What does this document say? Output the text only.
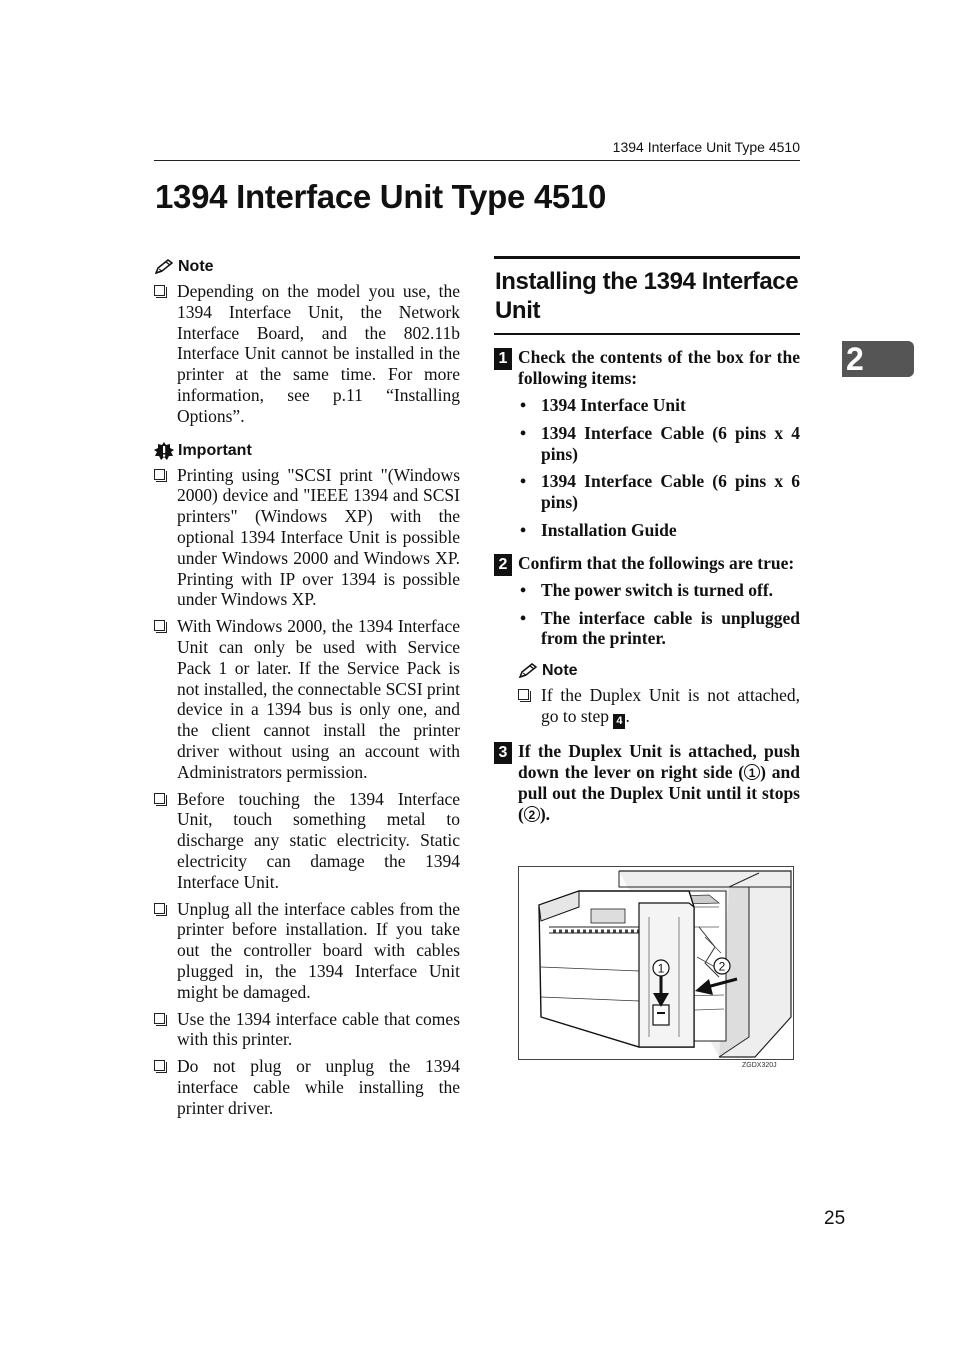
1394 Interface Unit Type 4510
1394 Interface Unit Type 4510
2
Note
Depending on the model you use, the 1394 Interface Unit, the Network Interface Board, and the 802.11b Interface Unit cannot be installed in the printer at the same time. For more information, see p.11 “Installing Options”.
Important
Printing using "SCSI print "(Windows 2000) device and "IEEE 1394 and SCSI printers" (Windows XP) with the optional 1394 Interface Unit is possible under Windows 2000 and Windows XP. Printing with IP over 1394 is possible under Windows XP.
With Windows 2000, the 1394 Interface Unit can only be used with Service Pack 1 or later. If the Service Pack is not installed, the connectable SCSI print device in a 1394 bus is only one, and the client cannot install the printer driver without using an account with Administrators permission.
Before touching the 1394 Interface Unit, touch something metal to discharge any static electricity. Static electricity can damage the 1394 Interface Unit.
Unplug all the interface cables from the printer before installation. If you take out the controller board with cables plugged in, the 1394 Interface Unit might be damaged.
Use the 1394 interface cable that comes with this printer.
Do not plug or unplug the 1394 interface cable while installing the printer driver.
Installing the 1394 Interface Unit
1 Check the contents of the box for the following items:

• 1394 Interface Unit
• 1394 Interface Cable (6 pins x 4 pins)
• 1394 Interface Cable (6 pins x 6 pins)
• Installation Guide
2 Confirm that the followings are true:

• The power switch is turned off.
• The interface cable is unplugged from the printer.
Note
If the Duplex Unit is not attached, go to step 4 .
3 If the Duplex Unit is attached, push down the lever on right side ( 1 ) and pull out the Duplex Unit until it stops ( 2 ).

1	2
ZGDX320J
25
